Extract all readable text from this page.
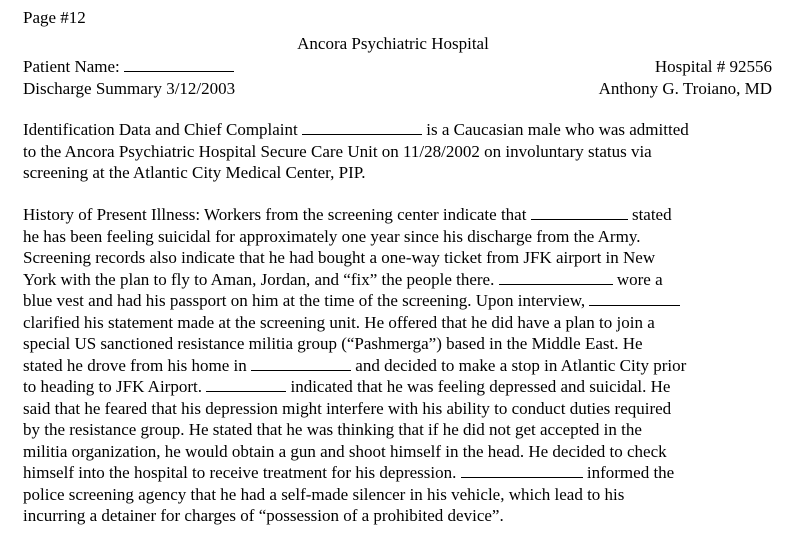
Page #12
Ancora Psychiatric Hospital
Patient Name:
Discharge Summary 3/12/2003
Hospital # 92556
Anthony G. Troiano, MD
Identification Data and Chief Complaint	is a Caucasian male who was admitted
to the Ancora Psychiatric Hospital Secure Care Unit on 11/28/2002 on involuntary status via
screening at the Atlantic City Medical Center, PIP.
History of Present Illness: Workers from the screening center indicate that	stated
he has been feeling suicidal for approximately one year since his discharge from the Army.
Screening records also indicate that he had bought a one-way ticket from JFK airport in New
York with the plan to fly to Aman, Jordan, and “fix” the people there.	wore a
blue vest and had his passport on him at the time of the screening. Upon interview,
clarified his statement made at the screening unit. He offered that he did have a plan to join a
special US sanctioned resistance militia group (“Pashmerga”) based in the Middle East. He
stated he drove from his home in	and decided to make a stop in Atlantic City prior
to heading to JFK Airport.	indicated that he was feeling depressed and suicidal. He
said that he feared that his depression might interfere with his ability to conduct duties required
by the resistance group. He stated that he was thinking that if he did not get accepted in the
militia organization, he would obtain a gun and shoot himself in the head. He decided to check
himself into the hospital to receive treatment for his depression.	informed the
police screening agency that he had a self-made silencer in his vehicle, which lead to his
incurring a detainer for charges of “possession of a prohibited device”.
